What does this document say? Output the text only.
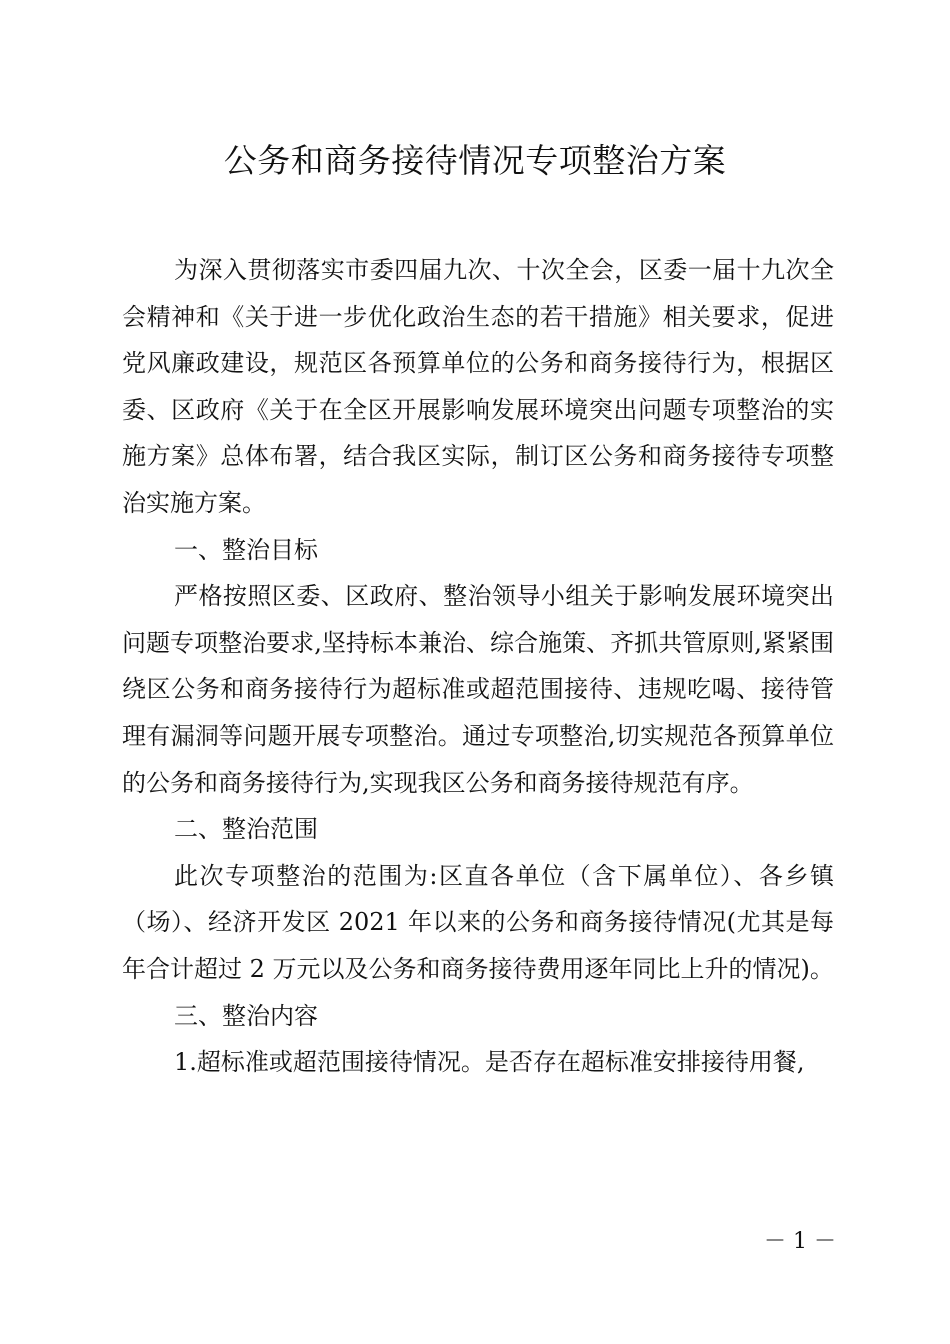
公务和商务接待情况专项整治方案

为深入贯彻落实市委四届九次、十次全会，区委一届十九次全会精神和《关于进一步优化政治生态的若干措施》相关要求，促进党风廉政建设，规范区各预算单位的公务和商务接待行为，根据区委、区政府《关于在全区开展影响发展环境突出问题专项整治的实施方案》总体布署，结合我区实际，制订区公务和商务接待专项整治实施方案。

一、整治目标

严格按照区委、区政府、整治领导小组关于影响发展环境突出问题专项整治要求,坚持标本兼治、综合施策、齐抓共管原则,紧紧围绕区公务和商务接待行为超标准或超范围接待、违规吃喝、接待管理有漏洞等问题开展专项整治。通过专项整治,切实规范各预算单位的公务和商务接待行为,实现我区公务和商务接待规范有序。

二、整治范围

此次专项整治的范围为:区直各单位（含下属单位）、各乡镇（场）、经济开发区 2021 年以来的公务和商务接待情况(尤其是每年合计超过 2 万元以及公务和商务接待费用逐年同比上升的情况)。

三、整治内容

1.超标准或超范围接待情况。是否存在超标准安排接待用餐,

－ 1 －
